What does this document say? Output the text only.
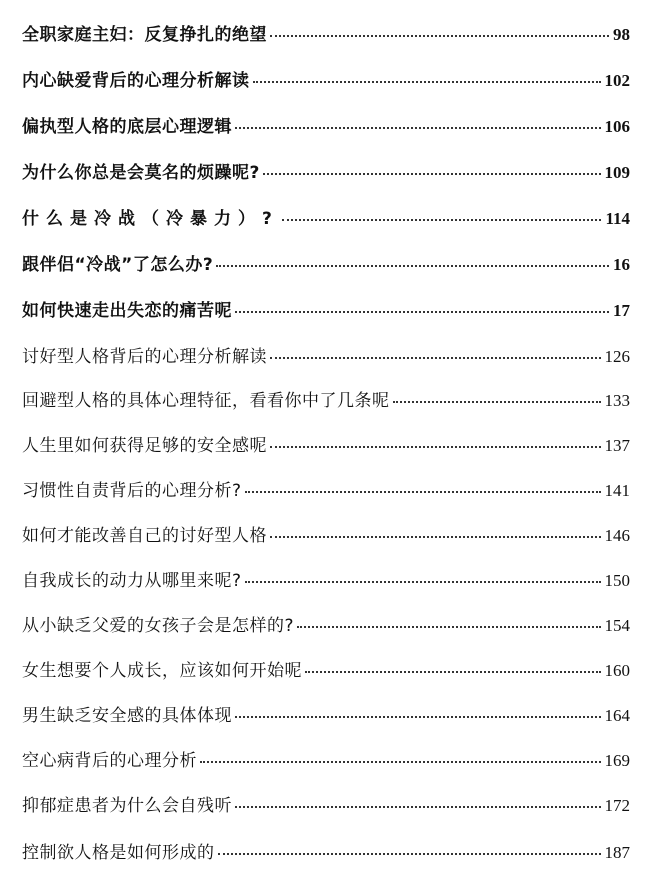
全职家庭主妇：反复挣扎的绝望	98
内心缺爱背后的心理分析解读	102
偏执型人格的底层心理逻辑	106
为什么你总是会莫名的烦躁呢?	109
什么是冷战（冷暴力）?	114
跟伴侣“冷战”了怎么办?	16
如何快速走出失恋的痛苦呢	17
讨好型人格背后的心理分析解读	126
回避型人格的具体心理特征，看看你中了几条呢	133
人生里如何获得足够的安全感呢	137
习惯性自责背后的心理分析?	141
如何才能改善自己的讨好型人格	146
自我成长的动力从哪里来呢?	150
从小缺乏父爱的女孩子会是怎样的?	154
女生想要个人成长，应该如何开始呢	160
男生缺乏安全感的具体体现	164
空心病背后的心理分析	169
抑郁症患者为什么会自残听	172
控制欲人格是如何形成的	187
